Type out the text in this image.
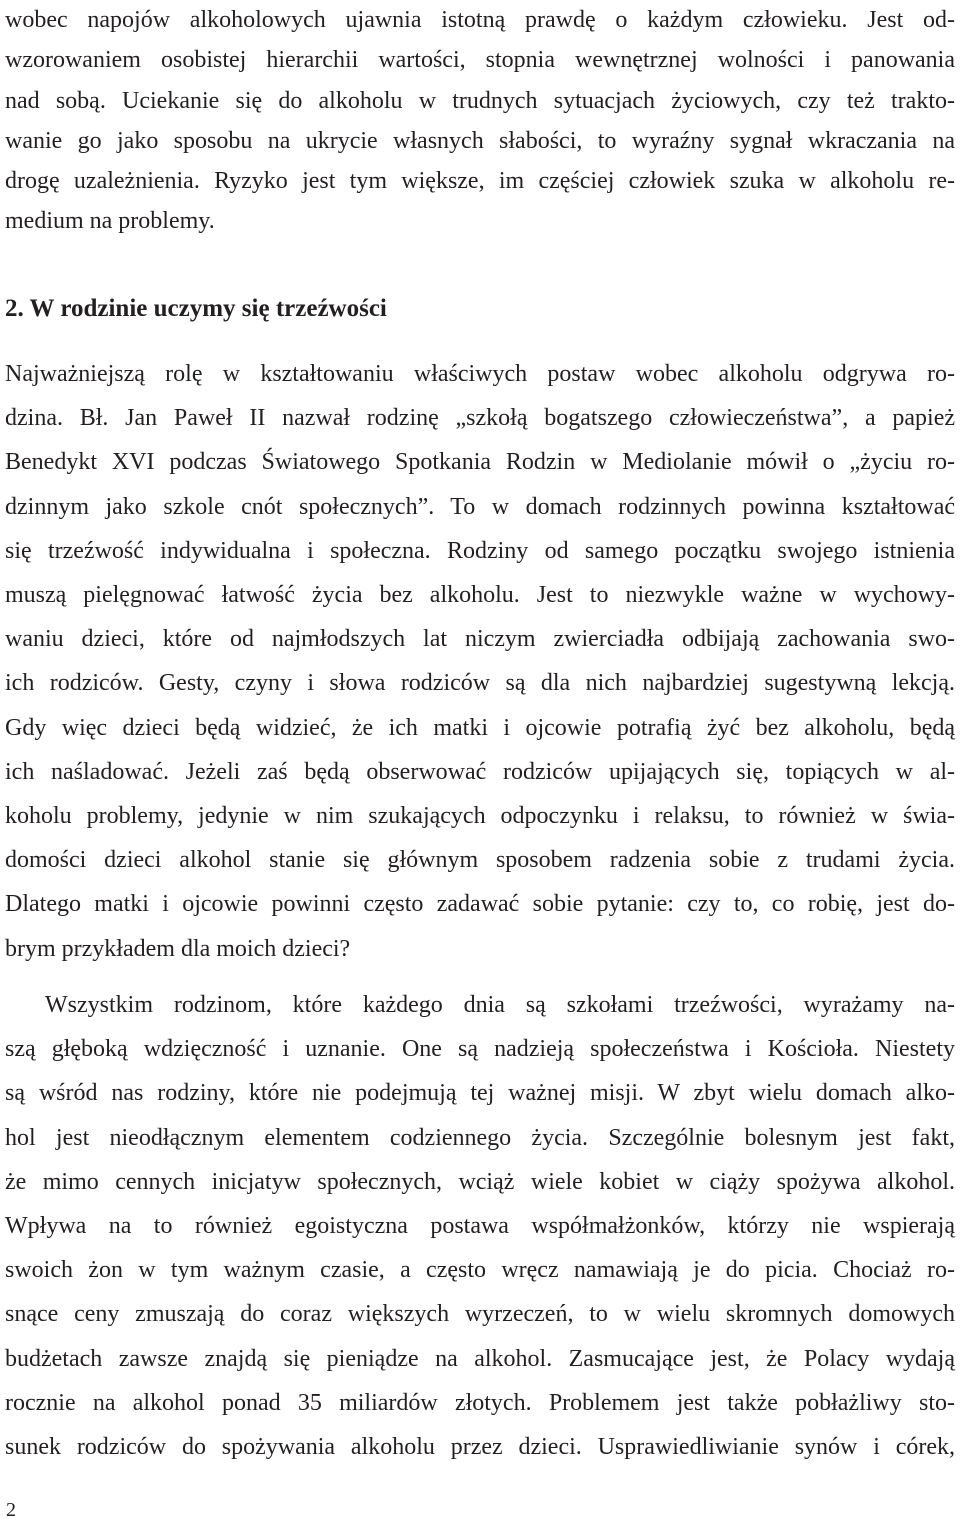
wobec napojów alkoholowych ujawnia istotną prawdę o każdym człowieku. Jest od-
wzorowaniem osobistej hierarchii wartości, stopnia wewnętrznej wolności i panowania
nad sobą. Uciekanie się do alkoholu w trudnych sytuacjach życiowych, czy też trakto-
wanie go jako sposobu na ukrycie własnych słabości, to wyraźny sygnał wkraczania na
drogę uzależnienia. Ryzyko jest tym większe, im częściej człowiek szuka w alkoholu re-
medium na problemy.
2. W rodzinie uczymy się trzeźwości
Najważniejszą rolę w kształtowaniu właściwych postaw wobec alkoholu odgrywa ro-
dzina. Bł. Jan Paweł II nazwał rodzinę „szkołą bogatszego człowieczeństwa”, a papież
Benedykt XVI podczas Światowego Spotkania Rodzin w Mediolanie mówił o „życiu ro-
dzinnym jako szkole cnót społecznych”. To w domach rodzinnych powinna kształtować
się trzeźwość indywidualna i społeczna. Rodziny od samego początku swojego istnienia
muszą pielęgnować łatwość życia bez alkoholu. Jest to niezwykle ważne w wychowy-
waniu dzieci, które od najmłodszych lat niczym zwierciadła odbijają zachowania swo-
ich rodziców. Gesty, czyny i słowa rodziców są dla nich najbardziej sugestywną lekcją.
Gdy więc dzieci będą widzieć, że ich matki i ojcowie potrafią żyć bez alkoholu, będą
ich naśladować. Jeżeli zaś będą obserwować rodziców upijających się, topiących w al-
koholu problemy, jedynie w nim szukających odpoczynku i relaksu, to również w świa-
domości dzieci alkohol stanie się głównym sposobem radzenia sobie z trudami życia.
Dlatego matki i ojcowie powinni często zadawać sobie pytanie: czy to, co robię, jest do-
brym przykładem dla moich dzieci?
Wszystkim rodzinom, które każdego dnia są szkołami trzeźwości, wyrażamy na-
szą głęboką wdzięczność i uznanie. One są nadzieją społeczeństwa i Kościoła. Niestety
są wśród nas rodziny, które nie podejmują tej ważnej misji. W zbyt wielu domach alko-
hol jest nieodłącznym elementem codziennego życia. Szczególnie bolesnym jest fakt,
że mimo cennych inicjatyw społecznych, wciąż wiele kobiet w ciąży spożywa alkohol.
Wpływa na to również egoistyczna postawa współmałżonków, którzy nie wspierają
swoich żon w tym ważnym czasie, a często wręcz namawiają je do picia. Chociaż ro-
snące ceny zmuszają do coraz większych wyrzeczeń, to w wielu skromnych domowych
budżetach zawsze znajdą się pieniądze na alkohol. Zasmucające jest, że Polacy wydają
rocznie na alkohol ponad 35 miliardów złotych. Problemem jest także pobłażliwy sto-
sunek rodziców do spożywania alkoholu przez dzieci. Usprawiedliwianie synów i córek,
2
